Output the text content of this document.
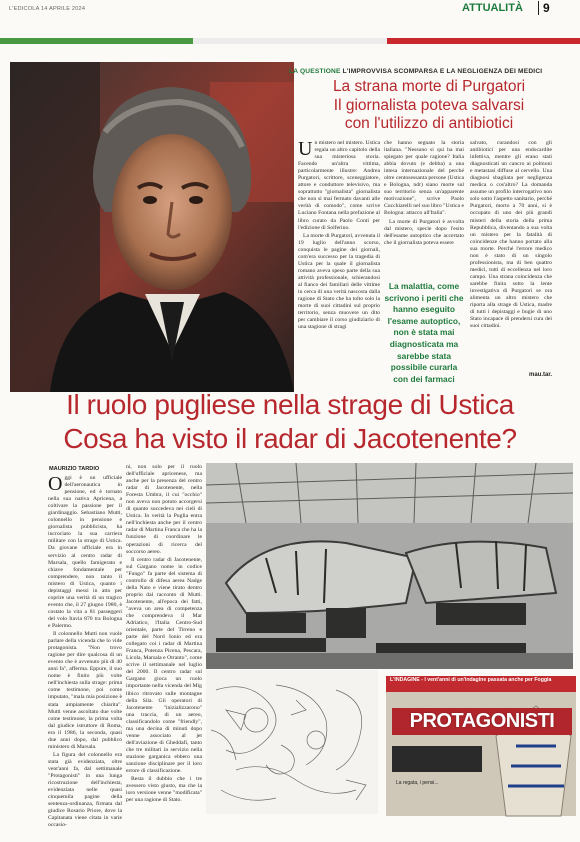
L'EDICOLA 14 APRILE 2024	ATTUALITÀ 9
LA QUESTIONE L'IMPROVVISA SCOMPARSA E LA NEGLIGENZA DEI MEDICI
La strana morte di Purgatori
Il giornalista poteva salvarsi
con l'utilizzo di antibiotici
U n mistero nel mistero. Ustica regala un altro capitolo della sua misteriosa storia. Facendo un'altra vittima, particolarmente illustre: Andrea Purgatori, scrittore, sceneggiatore, attore e conduttore televisivo, ma soprattutto "giornalista" giornalista che non si mai fermato davanti alle verità di comodo", come scrive Luciano Fontana nella prefazione al libro curato da Paolo Conti per l'edizione di Solferino.

La morte di Purgatori, avvenuta il 19 luglio dell'anno scorso, conquista le pagine dei giornali, com'era successo per la tragedia di Ustica per la quale il giornalista romano aveva speso parte della sua attività professionale, schierandosi al fianco dei familiari delle vittime in cerca di una verità nascosta dalla ragione di Stato che ha tolto solo la morte di suoi cittadini sul proprio territorio, senza muovere un dito per cambiare il corso giudiziario di una stagione di stragi

che hanno segnato la storia italiana. "Nessuno si qui ha mai spiegato per quale ragione? Italia abbia dovuto (e debba) a una intesa internazionale del perché oltre centosessanta persone (Ustica e Bologna, ndr) siano morte sul suo territorio senza un'apparente motivazione", scrive Paolo Cucchiarelli nel suo libro "Ustica e Bologna: attacco all'Italia".

La morte di Purgatori è avvolta dal mistero, specie dopo l'esito dell'esame autoptico che accertato che il giornalista poteva essere

La malattia, come scrivono i periti che hanno eseguito l'esame autoptico, non è stata mai diagnosticata ma sarebbe stata possibile curarla con dei farmaci

salvato, curandosi con gli antibiotici per una endocardite infettiva, mentre gli erano stati diagnosticati un cancro ai polmoni e metastasi diffuse al cervello. Una diagnosi sbagliata per negligenza medica o cos'altro? La domanda assume un profilo interrogativo non solo sotto l'aspetto sanitario, perché Purgatori, morto a 70 anni, si è occupato di uno dei più grandi misteri della storia della prima Repubblica, diventando a sua volta un mistero per la fatalità di coincidenze che hanno portato alla sua morte. Perché l'errore medico non è stato di un singolo professionista, ma di ben quattro medici, tutti di eccellenza nel loro campo. Una strana coincidenza che sarebbe finita sotto la lente investigativa di Purgatori se ora alimenta un altro mistero che riporta alla strage di Ustica, madre di tutti i depistaggi e bugie di uno Stato incapace di prendersi cura dei suoi cittadini.

mau.tar.
Il ruolo pugliese nella strage di Ustica
Cosa ha visto il radar di Jacotenente?
MAURIZIO TARDIO
O ggi è un ufficiale dell'aeronautica in pensione, ed è tornato nella sua nativa Apricena, a coltivare la passione per il giardinaggio. Sebastiano Mutti, colonnello in pensione e giornalista pubblicista, ha incrociato la sua carriera militare con la strage di Ustica. Da giovane ufficiale era in servizio al centro radar di Marsala, quello famigerato e chiave fondamentale per comprendere, non tanto il mistero di Ustica, quanto i depistaggi messi in atto per coprire una verità di un tragico evento che, il 27 giugno 1980, è costato la vita a 81 passeggeri del volo Itavia 870 tra Bologna e Palermo.

Il colonnello Mutti non vuole parlare della vicenda che lo vide protagonista. "Non trovo ragione per dire qualcosa di un evento che è avvenuto più di 40 anni fa", afferma. Eppure, il suo nome è finito più volte nell'inchiesta sulla strage: prima come testimone, poi come imputato, "mala mia posizione è stata ampiamente chiarita". Mutti venne ascoltato due volte come testimone, la prima volta dal giudice istruttore di Roma, era il 1986, la seconda, quasi due anni dopo, dal pubblico ministero di Marsala.

La figura del colonnello era stata già evidenziata, oltre vent'anni fa, dal settimanale "Protagonisti" in una lunga ricostruzione dell'inchiesta, evidenziata nelle quasi cinquemila pagine della sentenza-ordinanza, firmata dal giudice Rosario Priore, dove la Capitanata viene citata in varie occasio-

ni, non solo per il ruolo dell'ufficiale apricenese, ma anche per la presenza del centro radar di Jacotenente, nella Foresta Umbra, il cui "occhio" non aveva non potuto accorgersi di quanto succedeva nei cieli di Ustica. In verità la Puglia entra nell'inchiesta anche per il centro radar di Martina Franca che ha la funzione di coordinare le operazioni di ricerca del soccorso aereo.

Il centro radar di Jacotenente, sul Gargano nome in codice "Fungo" fa parte del sistema di controllo di difesa aerea Nadge della Nato e viene tirato dentro proprio dal racconto di Mutti. Jacotenente, all'epoca dei fatti, "aveva un area di competenza che comprendeva il Mar Adriatico, l'Italia Centro-Sud orientale, parte del Tirreno e parte del Nord Ionio ed era collegato coi i radar di Martina Franca, Potenza Picena, Pescara, Licola, Marsala e Otranto", come scrive il settimanale nel luglio del 2000. Il centro radar sul Gargano gioca un ruolo importante nella vicenda del Mig libico ritrovato sulle montagne della Sila. Gli operatori di Jacotenente "inizializzarono" una traccia, di un aereo, classificandolo come "friendly", ma una decina di minuti dopo venne associato al jet dell'aviazione di Gheddafi, tanto che tre militari in servizio nella stazione garganica ebbero una sanzione disciplinare per il loro errore di classificazione.

Resta il dubbio che i tre avessero visto giusto, ma che la loro versione venne "modificata" per una ragione di Stato.

L'INDAGINE - I vent'anni di un'indagine passata anche per Foggia
PROTAGONISTI
La regata, i pensi...
